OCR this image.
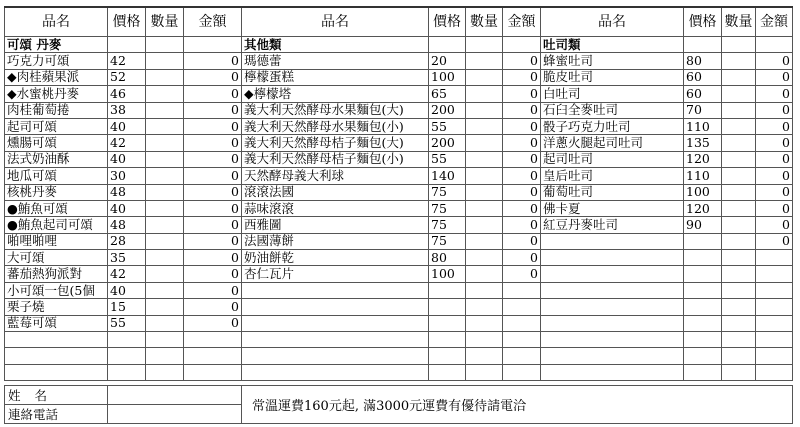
品名	價格	數量	金額	品名	價格	數量	金額	品名	價格	數量	金額
可頌 丹麥				其他類				吐司類			
巧克力可頌	42		0	瑪德蕾	20		0	蜂蜜吐司	80		0
◆肉桂蘋果派	52		0	檸檬蛋糕	100		0	脆皮吐司	60		0
◆水蜜桃丹麥	46		0	◆檸檬塔	65		0	白吐司	60		0
肉桂葡萄捲	38		0	義大利天然酵母水果麵包(大)	200		0	石臼全麥吐司	70		0
起司可頌	40		0	義大利天然酵母水果麵包(小)	55		0	骰子巧克力吐司	110		0
燻腸可頌	42		0	義大利天然酵母桔子麵包(大)	200		0	洋蔥火腿起司吐司	135		0
法式奶油酥	40		0	義大利天然酵母桔子麵包(小)	55		0	起司吐司	120		0
地瓜可頌	30		0	天然酵母義大利球	140		0	皇后吐司	110		0
核桃丹麥	48		0	滾滾法國	75		0	葡萄吐司	100		0
●鮪魚可頌	40		0	蒜味滾滾	75		0	佛卡夏	120		0
●鮪魚起司可頌	48		0	西雅圖	75		0	紅豆丹麥吐司	90		0
啪哩啪哩	28		0	法國薄餅	75		0				0
大可頌	35		0	奶油餅乾	80		0				
蕃茄熱狗派對	42		0	杏仁瓦片	100		0				
小可頌一包(5個	40		0								
栗子燒	15		0								
藍莓可頌	55		0								

姓名		常溫運費160元起, 滿3000元運費有優待請電洽
連絡電話		
